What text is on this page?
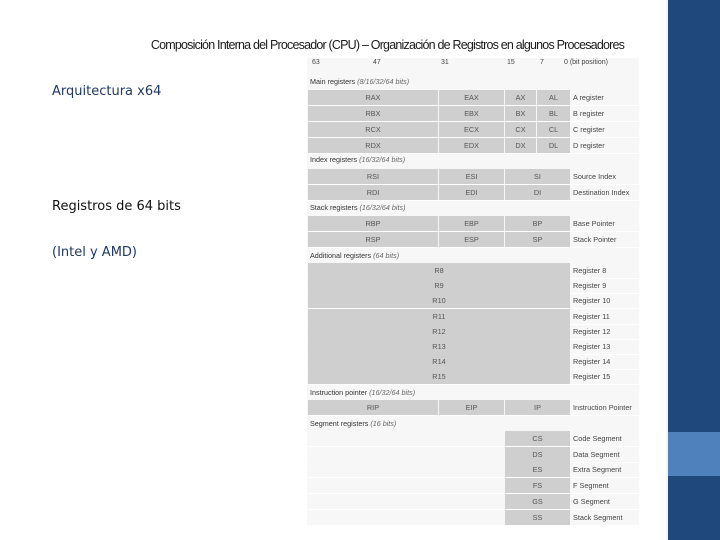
Composición Interna del Procesador (CPU) – Organización de Registros en algunos Procesadores
Arquitectura x64
Registros de 64 bits
(Intel y AMD)
63	47	31	15	7	0 (bit position)
Main registers (8/16/32/64 bits)
RAX	EAX	AX	AL	A register
RBX	EBX	BX	BL	B register
RCX	ECX	CX	CL	C register
RDX	EDX	DX	DL	D register
Index registers (16/32/64 bits)
RSI	ESI	SI	Source Index
RDI	EDI	DI	Destination Index
Stack registers (16/32/64 bits)
RBP	EBP	BP	Base Pointer
RSP	ESP	SP	Stack Pointer
Additional registers (64 bits)
R8	Register 8
R9	Register 9
R10	Register 10
R11	Register 11
R12	Register 12
R13	Register 13
R14	Register 14
R15	Register 15
Instruction pointer (16/32/64 bits)
RIP	EIP	IP	Instruction Pointer
Segment registers (16 bits)
CS	Code Segment
DS	Data Segment
ES	Extra Segment
FS	F Segment
GS	G Segment
SS	Stack Segment
